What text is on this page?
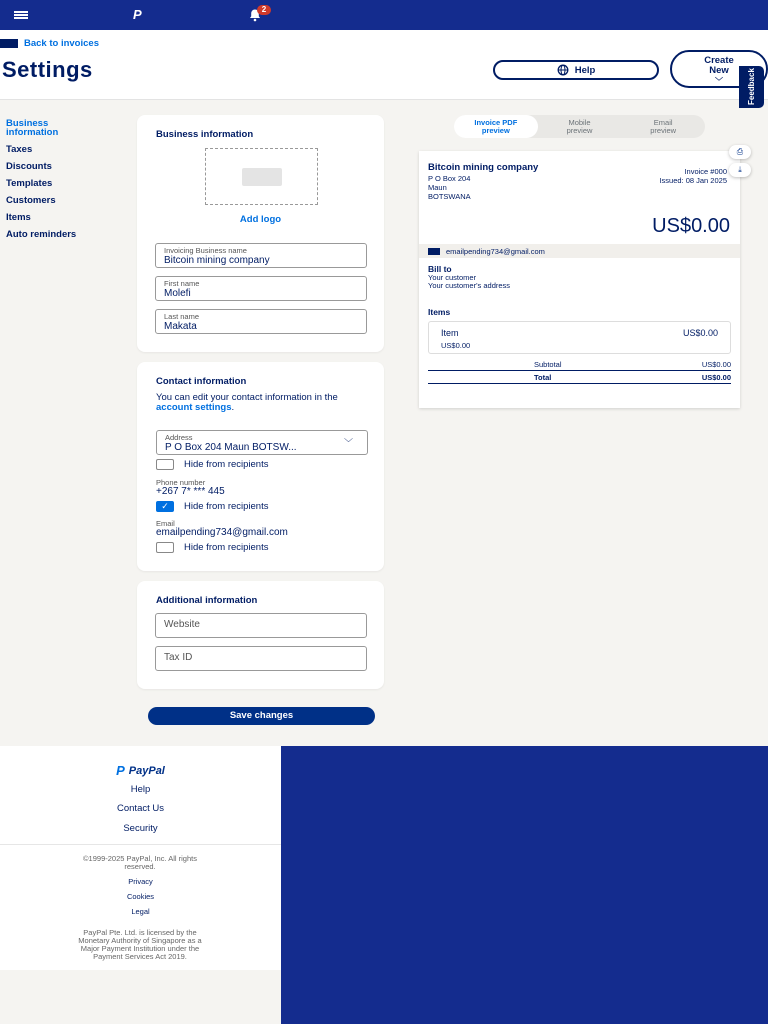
P	2
Back to invoices
Settings	Help
Create
New
﹀	Feedback
Business information
Taxes
Discounts
Templates
Customers
Items
Auto reminders
Business information
Add logo
Invoicing Business name
Bitcoin mining company
First name
Molefi
Last name
Makata
Contact information
You can edit your contact information in the account settings.
Address
P O Box 204 Maun BOTSW...	﹀
Hide from recipients
Phone number
+267 7* *** 445
✓ Hide from recipients
Email
emailpending734@gmail.com
Hide from recipients
Additional information
Website
Tax ID
Save changes
Invoice PDF
preview
Mobile
preview
Email
preview
Bitcoin mining company
P O Box 204
Maun
BOTSWANA
Invoice #000
Issued: 08 Jan 2025
US$0.00
emailpending734@gmail.com
Bill to
Your customer
Your customer's address
Items
Item
US$0.00
US$0.00
Subtotal	US$0.00
Total	US$0.00
⎙
⤓
P PayPal
Help
Contact Us
Security
©1999-2025 PayPal, Inc. All rights
reserved.
Privacy
Cookies
Legal
PayPal Pte. Ltd. is licensed by the
Monetary Authority of Singapore as a
Major Payment Institution under the
Payment Services Act 2019.
